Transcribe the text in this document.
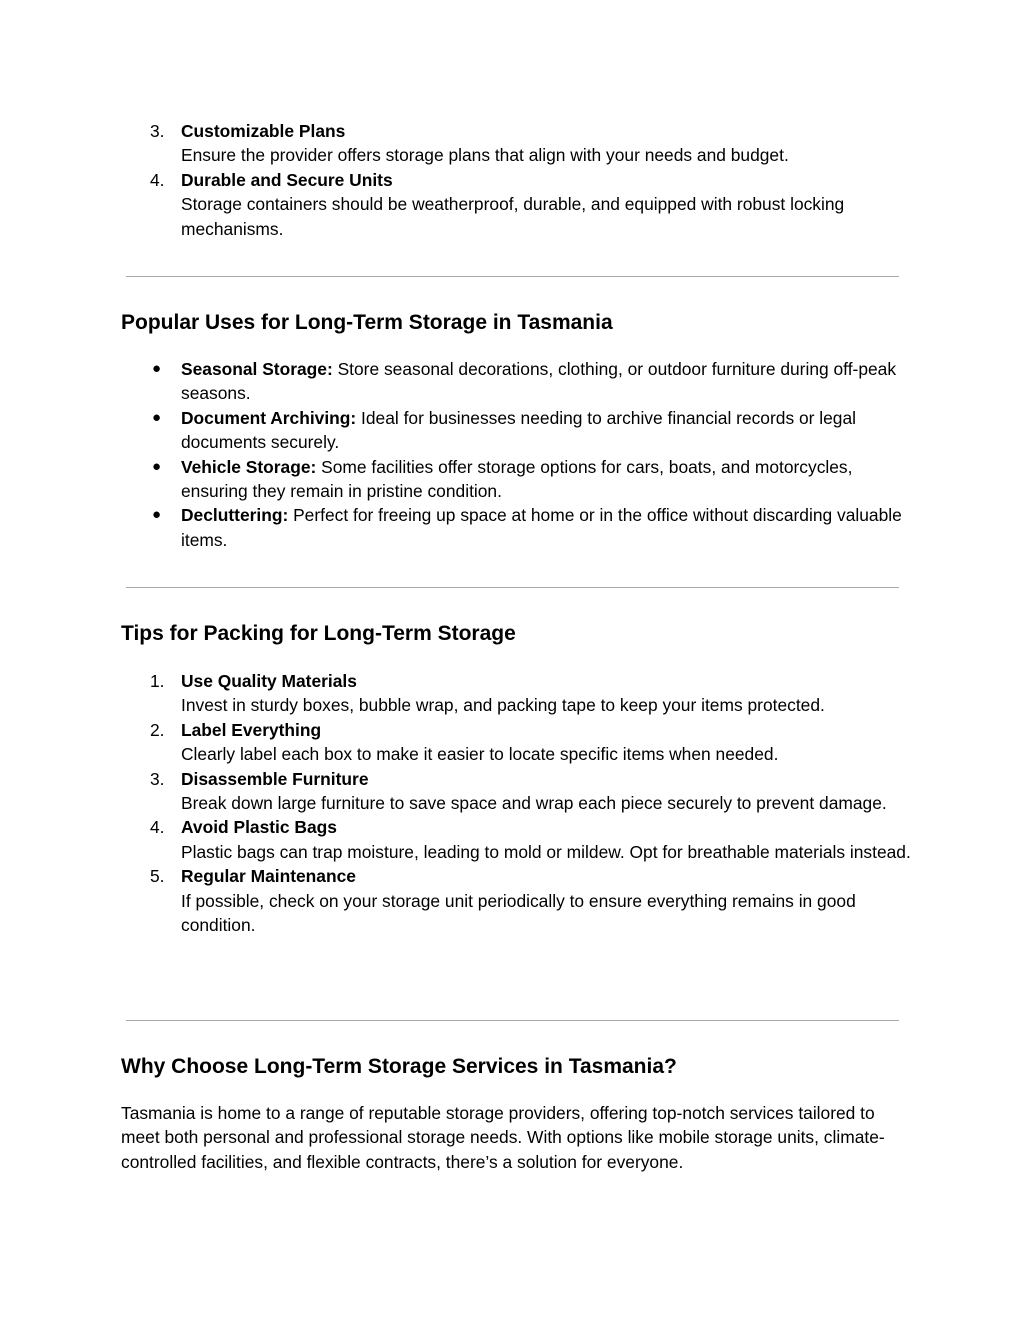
3. Customizable Plans
Ensure the provider offers storage plans that align with your needs and budget.
4. Durable and Secure Units
Storage containers should be weatherproof, durable, and equipped with robust locking mechanisms.
Popular Uses for Long-Term Storage in Tasmania
● Seasonal Storage: Store seasonal decorations, clothing, or outdoor furniture during off-peak seasons.
● Document Archiving: Ideal for businesses needing to archive financial records or legal documents securely.
● Vehicle Storage: Some facilities offer storage options for cars, boats, and motorcycles, ensuring they remain in pristine condition.
● Decluttering: Perfect for freeing up space at home or in the office without discarding valuable items.
Tips for Packing for Long-Term Storage
1. Use Quality Materials
Invest in sturdy boxes, bubble wrap, and packing tape to keep your items protected.
2. Label Everything
Clearly label each box to make it easier to locate specific items when needed.
3. Disassemble Furniture
Break down large furniture to save space and wrap each piece securely to prevent damage.
4. Avoid Plastic Bags
Plastic bags can trap moisture, leading to mold or mildew. Opt for breathable materials instead.
5. Regular Maintenance
If possible, check on your storage unit periodically to ensure everything remains in good condition.
Why Choose Long-Term Storage Services in Tasmania?

Tasmania is home to a range of reputable storage providers, offering top-notch services tailored to meet both personal and professional storage needs. With options like mobile storage units, climate-controlled facilities, and flexible contracts, there’s a solution for everyone.
